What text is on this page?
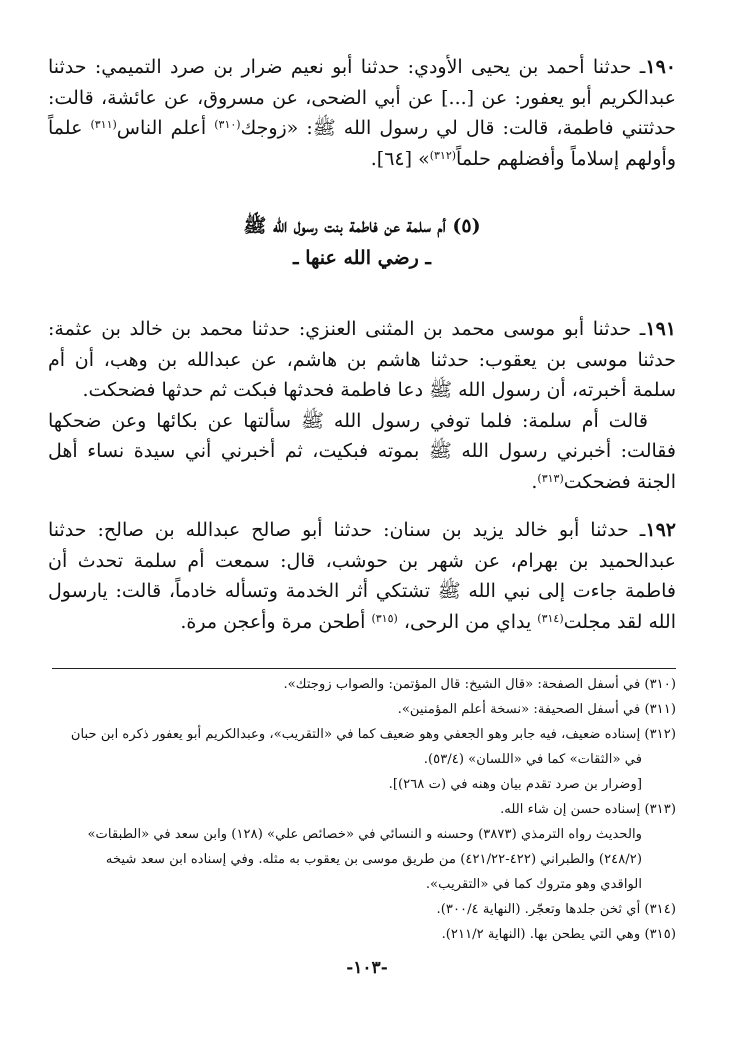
١٩٠ـ حدثنا أحمد بن يحيى الأودي: حدثنا أبو نعيم ضرار بن صرد التميمي: حدثنا عبدالكريم أبو يعفور: عن [...] عن أبي الضحى، عن مسروق، عن عائشة، قالت: حدثتني فاطمة، قالت: قال لي رسول الله ﷺ: «زوجك$^{(٣١٠)}$ أعلم الناس$^{(٣١١)}$ علماً وأولهم إسلاماً وأفضلهم حلماً$^{(٣١٢)}$» [٦٤].

(٥) أم سلمة عن فاطمة بنت رسول الله ﷺ
ـ رضي الله عنها ـ

١٩١ـ حدثنا أبو موسى محمد بن المثنى العنزي: حدثنا محمد بن خالد بن عثمة: حدثنا موسى بن يعقوب: حدثنا هاشم بن هاشم، عن عبدالله بن وهب، أن أم سلمة أخبرته، أن رسول الله ﷺ دعا فاطمة فحدثها فبكت ثم حدثها فضحكت.

قالت أم سلمة: فلما توفي رسول الله ﷺ سألتها عن بكائها وعن ضحكها فقالت: أخبرني رسول الله ﷺ بموته فبكيت، ثم أخبرني أني سيدة نساء أهل الجنة فضحكت$^{(٣١٣)}$.

١٩٢ـ حدثنا أبو خالد يزيد بن سنان: حدثنا أبو صالح عبدالله بن صالح: حدثنا عبدالحميد بن بهرام، عن شهر بن حوشب، قال: سمعت أم سلمة تحدث أن فاطمة جاءت إلى نبي الله ﷺ تشتكي أثر الخدمة وتسأله خادماً، قالت: يارسول الله لقد مجلت$^{(٣١٤)}$ يداي من الرحى، $^{(٣١٥)}$ أطحن مرة وأعجن مرة.

(٣١٠) في أسفل الصفحة: «قال الشيخ: قال المؤتمن: والصواب زوجتك».

(٣١١) في أسفل الصحيفة: «نسخة أعلم المؤمنين».

(٣١٢) إسناده ضعيف، فيه جابر وهو الجعفي وهو ضعيف كما في «التقريب»، وعبدالكريم أبو يعفور ذكره ابن حبان

في «الثقات» كما في «اللسان» (٥٣/٤).

[وضرار بن صرد تقدم بيان وهنه في (ت ٢٦٨)].

(٣١٣) إسناده حسن إن شاء الله.

والحديث رواه الترمذي (٣٨٧٣) وحسنه و النسائي في «خصائص علي» (١٢٨) وابن سعد في «الطبقات»

(٢٤٨/٢) والطبراني (٤٢٢-٤٢١/٢٢) من طريق موسى بن يعقوب به مثله. وفي إسناده ابن سعد شيخه

الواقدي وهو متروك كما في «التقريب».

(٣١٤) أي ثخن جلدها وتعجّر. (النهاية ٣٠٠/٤).

(٣١٥) وهي التي يطحن بها. (النهاية ٢١١/٢).

-١٠٣-
